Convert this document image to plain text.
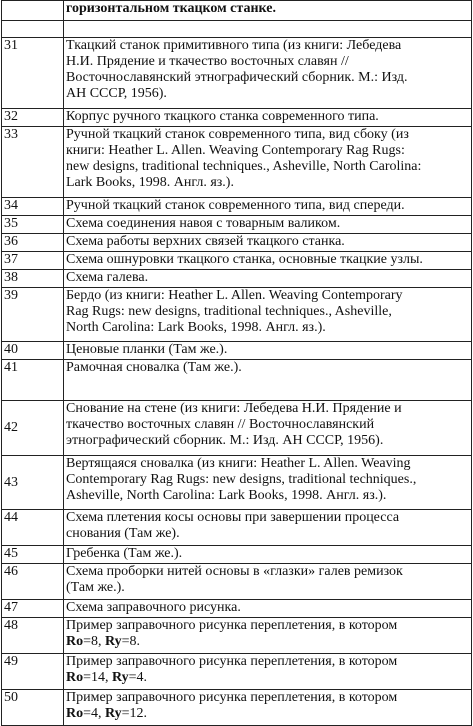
	горизонтальном ткацком станке.

31	Ткацкий станок примитивного типа (из книги: Лебедева
Н.И. Прядение и ткачество восточных славян //
Восточнославянский этнографический сборник. М.: Изд.
АН СССР, 1956).

32	Корпус ручного ткацкого станка современного типа.

33	Ручной ткацкий станок современного типа, вид сбоку (из
книги: Heather L. Allen. Weaving Contemporary Rag Rugs:
new designs, traditional techniques., Asheville, North Carolina:
Lark Books, 1998. Англ. яз.).

34	Ручной ткацкий станок современного типа, вид спереди.

35	Схема соединения навоя с товарным валиком.

36	Схема работы верхних связей ткацкого станка.

37	Схема ошнуровки ткацкого станка, основные ткацкие узлы.

38	Схема галева.

39	Бердо (из книги: Heather L. Allen. Weaving Contemporary
Rag Rugs: new designs, traditional techniques., Asheville,
North Carolina: Lark Books, 1998. Англ. яз.).

40	Ценовые планки (Там же.).

41	Рамочная сновалка (Там же.).

42	Снование на стене (из книги: Лебедева Н.И. Прядение и
ткачество восточных славян // Восточнославянский
этнографический сборник. М.: Изд. АН СССР, 1956).

43	Вертящаяся сновалка (из книги: Heather L. Allen. Weaving
Contemporary Rag Rugs: new designs, traditional techniques.,
Asheville, North Carolina: Lark Books, 1998. Англ. яз.).

44	Схема плетения косы основы при завершении процесса
снования (Там же).

45	Гребенка (Там же.).

46	Схема проборки нитей основы в «глазки» галев ремизок
(Там же.).

47	Схема заправочного рисунка.

48	Пример заправочного рисунка переплетения, в котором
Ro=8, Ry=8.

49	Пример заправочного рисунка переплетения, в котором
Ro=14, Ry=4.

50	Пример заправочного рисунка переплетения, в котором
Ro=4, Ry=12.
